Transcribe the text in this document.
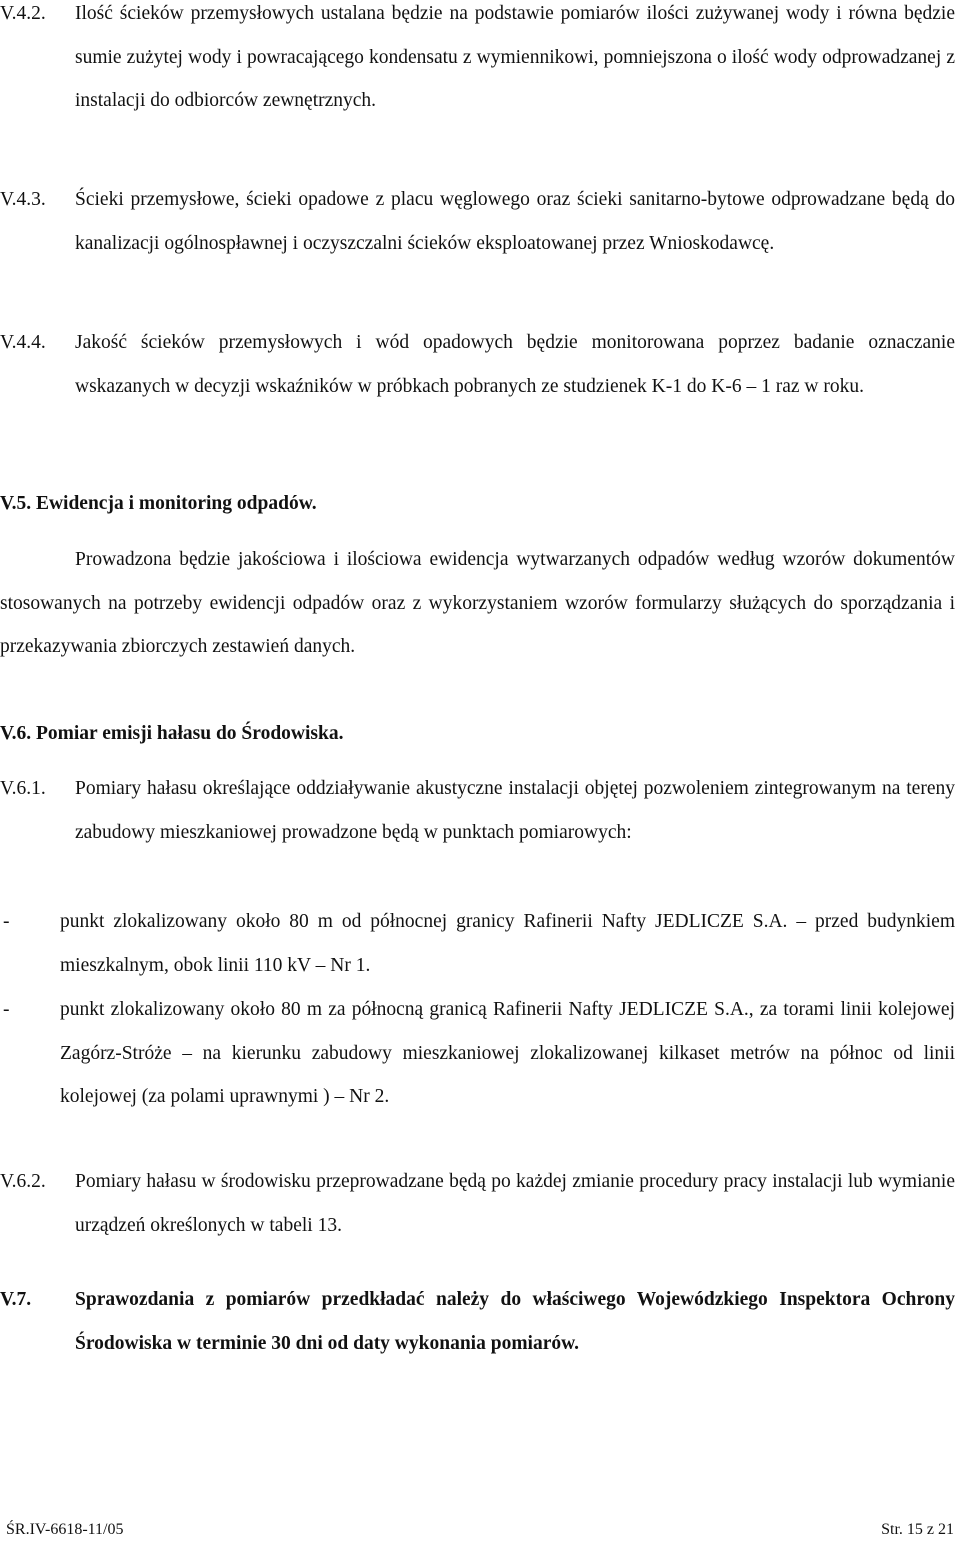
V.4.2. Ilość ścieków przemysłowych ustalana będzie na podstawie pomiarów ilości zużywanej wody i równa będzie sumie zużytej wody i powracającego kondensatu z wymiennikowi, pomniejszona o ilość wody odprowadzanej z instalacji do odbiorców zewnętrznych.
V.4.3. Ścieki przemysłowe, ścieki opadowe z placu węglowego oraz ścieki sanitarno-bytowe odprowadzane będą do kanalizacji ogólnospławnej i oczyszczalni ścieków eksploatowanej przez Wnioskodawcę.
V.4.4. Jakość ścieków przemysłowych i wód opadowych będzie monitorowana poprzez badanie oznaczanie wskazanych w decyzji wskaźników w próbkach pobranych ze studzienek K-1 do K-6 – 1 raz w roku.
V.5. Ewidencja i monitoring odpadów.
Prowadzona będzie jakościowa i ilościowa ewidencja wytwarzanych odpadów według wzorów dokumentów stosowanych na potrzeby ewidencji odpadów oraz z wykorzystaniem wzorów formularzy służących do sporządzania i przekazywania zbiorczych zestawień danych.
V.6. Pomiar emisji hałasu do Środowiska.
V.6.1. Pomiary hałasu określające oddziaływanie akustyczne instalacji objętej pozwoleniem zintegrowanym na tereny zabudowy mieszkaniowej prowadzone będą w punktach pomiarowych:
-	punkt zlokalizowany około 80 m od północnej granicy Rafinerii Nafty JEDLICZE S.A. – przed budynkiem mieszkalnym, obok linii 110 kV – Nr 1.
-	punkt zlokalizowany około 80 m za północną granicą Rafinerii Nafty JEDLICZE S.A., za torami linii kolejowej Zagórz-Stróże – na kierunku zabudowy mieszkaniowej zlokalizowanej kilkaset metrów na północ od linii kolejowej (za polami uprawnymi ) – Nr 2.
V.6.2. Pomiary hałasu w środowisku przeprowadzane będą po każdej zmianie procedury pracy instalacji lub wymianie urządzeń określonych w tabeli 13.
V.7. Sprawozdania z pomiarów przedkładać należy do właściwego Wojewódzkiego Inspektora Ochrony Środowiska w terminie 30 dni od daty wykonania pomiarów.
ŚR.IV-6618-11/05	Str. 15 z 21
